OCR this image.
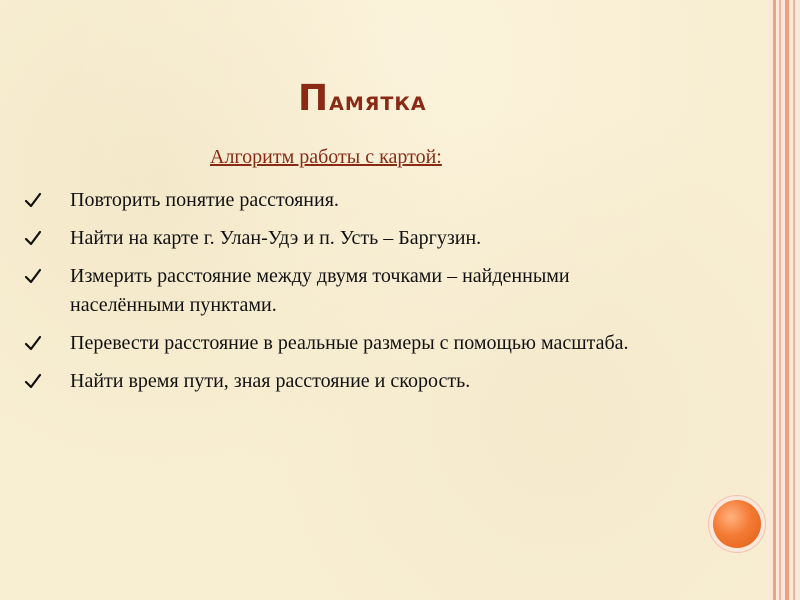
Памятка
Алгоритм работы с картой:
Повторить понятие расстояния.
Найти на карте г. Улан-Удэ и п. Усть – Баргузин.
Измерить расстояние между двумя точками – найденными населёнными пунктами.
Перевести расстояние в реальные размеры с помощью масштаба.
Найти время пути, зная расстояние и скорость.
